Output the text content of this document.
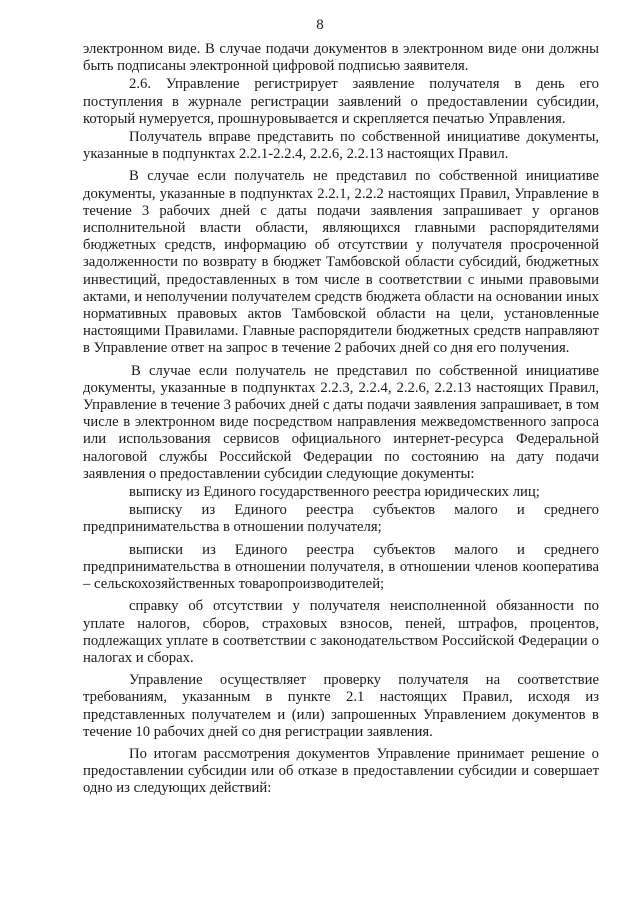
8

электронном виде. В случае подачи документов в электронном виде они должны быть подписаны электронной цифровой подписью заявителя.

2.6. Управление регистрирует заявление получателя в день его поступления в журнале регистрации заявлений о предоставлении субсидии, который нумеруется, прошнуровывается и скрепляется печатью Управления.

Получатель вправе представить по собственной инициативе документы, указанные в подпунктах 2.2.1-2.2.4, 2.2.6, 2.2.13 настоящих Правил.

В случае если получатель не представил по собственной инициативе документы, указанные в подпунктах 2.2.1, 2.2.2 настоящих Правил, Управление в течение 3 рабочих дней с даты подачи заявления запрашивает у органов исполнительной власти области, являющихся главными распорядителями бюджетных средств, информацию об отсутствии у получателя просроченной задолженности по возврату в бюджет Тамбовской области субсидий, бюджетных инвестиций, предоставленных в том числе в соответствии с иными правовыми актами, и неполучении получателем средств бюджета области на основании иных нормативных правовых актов Тамбовской области на цели, установленные настоящими Правилами. Главные распорядители бюджетных средств направляют в Управление ответ на запрос в течение 2 рабочих дней со дня его получения.

В случае если получатель не представил по собственной инициативе документы, указанные в подпунктах 2.2.3, 2.2.4, 2.2.6, 2.2.13 настоящих Правил, Управление в течение 3 рабочих дней с даты подачи заявления запрашивает, в том числе в электронном виде посредством направления межведомственного запроса или использования сервисов официального интернет-ресурса Федеральной налоговой службы Российской Федерации по состоянию на дату подачи заявления о предоставлении субсидии следующие документы:

выписку из Единого государственного реестра юридических лиц;

выписку из Единого реестра субъектов малого и среднего предпринимательства в отношении получателя;

выписки из Единого реестра субъектов малого и среднего предпринимательства в отношении получателя, в отношении членов кооператива – сельскохозяйственных товаропроизводителей;

справку об отсутствии у получателя неисполненной обязанности по уплате налогов, сборов, страховых взносов, пеней, штрафов, процентов, подлежащих уплате в соответствии с законодательством Российской Федерации о налогах и сборах.

Управление осуществляет проверку получателя на соответствие требованиям, указанным в пункте 2.1 настоящих Правил, исходя из представленных получателем и (или) запрошенных Управлением документов в течение 10 рабочих дней со дня регистрации заявления.

По итогам рассмотрения документов Управление принимает решение о предоставлении субсидии или об отказе в предоставлении субсидии и совершает одно из следующих действий:
